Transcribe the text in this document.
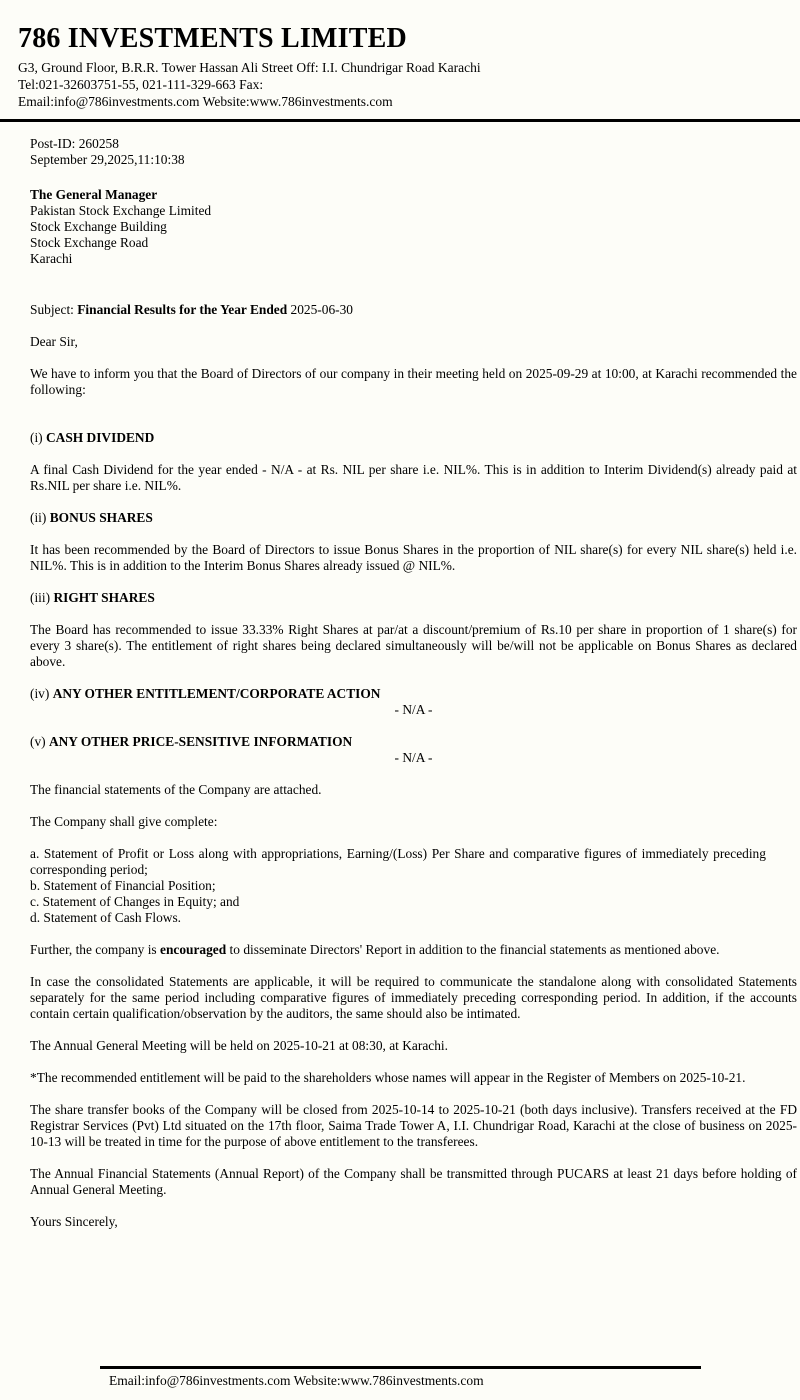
786 INVESTMENTS LIMITED
G3, Ground Floor, B.R.R. Tower Hassan Ali Street Off: I.I. Chundrigar Road Karachi
Tel:021-32603751-55, 021-111-329-663 Fax:
Email:info@786investments.com Website:www.786investments.com
Post-ID: 260258
September 29,2025,11:10:38
The General Manager
Pakistan Stock Exchange Limited
Stock Exchange Building
Stock Exchange Road
Karachi

Subject: Financial Results for the Year Ended 2025-06-30

Dear Sir,

We have to inform you that the Board of Directors of our company in their meeting held on 2025-09-29 at 10:00, at Karachi recommended the following:

(i) CASH DIVIDEND

A final Cash Dividend for the year ended - N/A - at Rs. NIL per share i.e. NIL%. This is in addition to Interim Dividend(s) already paid at Rs.NIL per share i.e. NIL%.

(ii) BONUS SHARES

It has been recommended by the Board of Directors to issue Bonus Shares in the proportion of NIL share(s) for every NIL share(s) held i.e. NIL%. This is in addition to the Interim Bonus Shares already issued @ NIL%.

(iii) RIGHT SHARES

The Board has recommended to issue 33.33% Right Shares at par/at a discount/premium of Rs.10 per share in proportion of 1 share(s) for every 3 share(s). The entitlement of right shares being declared simultaneously will be/will not be applicable on Bonus Shares as declared above.

(iv) ANY OTHER ENTITLEMENT/CORPORATE ACTION

- N/A -

(v) ANY OTHER PRICE-SENSITIVE INFORMATION

- N/A -

The financial statements of the Company are attached.

The Company shall give complete:

a. Statement of Profit or Loss along with appropriations, Earning/(Loss) Per Share and comparative figures of immediately preceding        corresponding period;
b. Statement of Financial Position;
c. Statement of Changes in Equity; and
d. Statement of Cash Flows.

Further, the company is encouraged to disseminate Directors' Report in addition to the financial statements as mentioned above.

In case the consolidated Statements are applicable, it will be required to communicate the standalone along with consolidated Statements separately for the same period including comparative figures of immediately preceding corresponding period. In addition, if the accounts contain certain qualification/observation by the auditors, the same should also be intimated.

The Annual General Meeting will be held on 2025-10-21 at 08:30, at Karachi.

*The recommended entitlement will be paid to the shareholders whose names will appear in the Register of Members on 2025-10-21.

The share transfer books of the Company will be closed from 2025-10-14 to 2025-10-21 (both days inclusive). Transfers received at the FD Registrar Services (Pvt) Ltd situated on the 17th floor, Saima Trade Tower A, I.I. Chundrigar Road, Karachi at the close of business on 2025-10-13 will be treated in time for the purpose of above entitlement to the transferees.

The Annual Financial Statements (Annual Report) of the Company shall be transmitted through PUCARS at least 21 days before holding of Annual General Meeting.

Yours Sincerely,

Email:info@786investments.com Website:www.786investments.com
